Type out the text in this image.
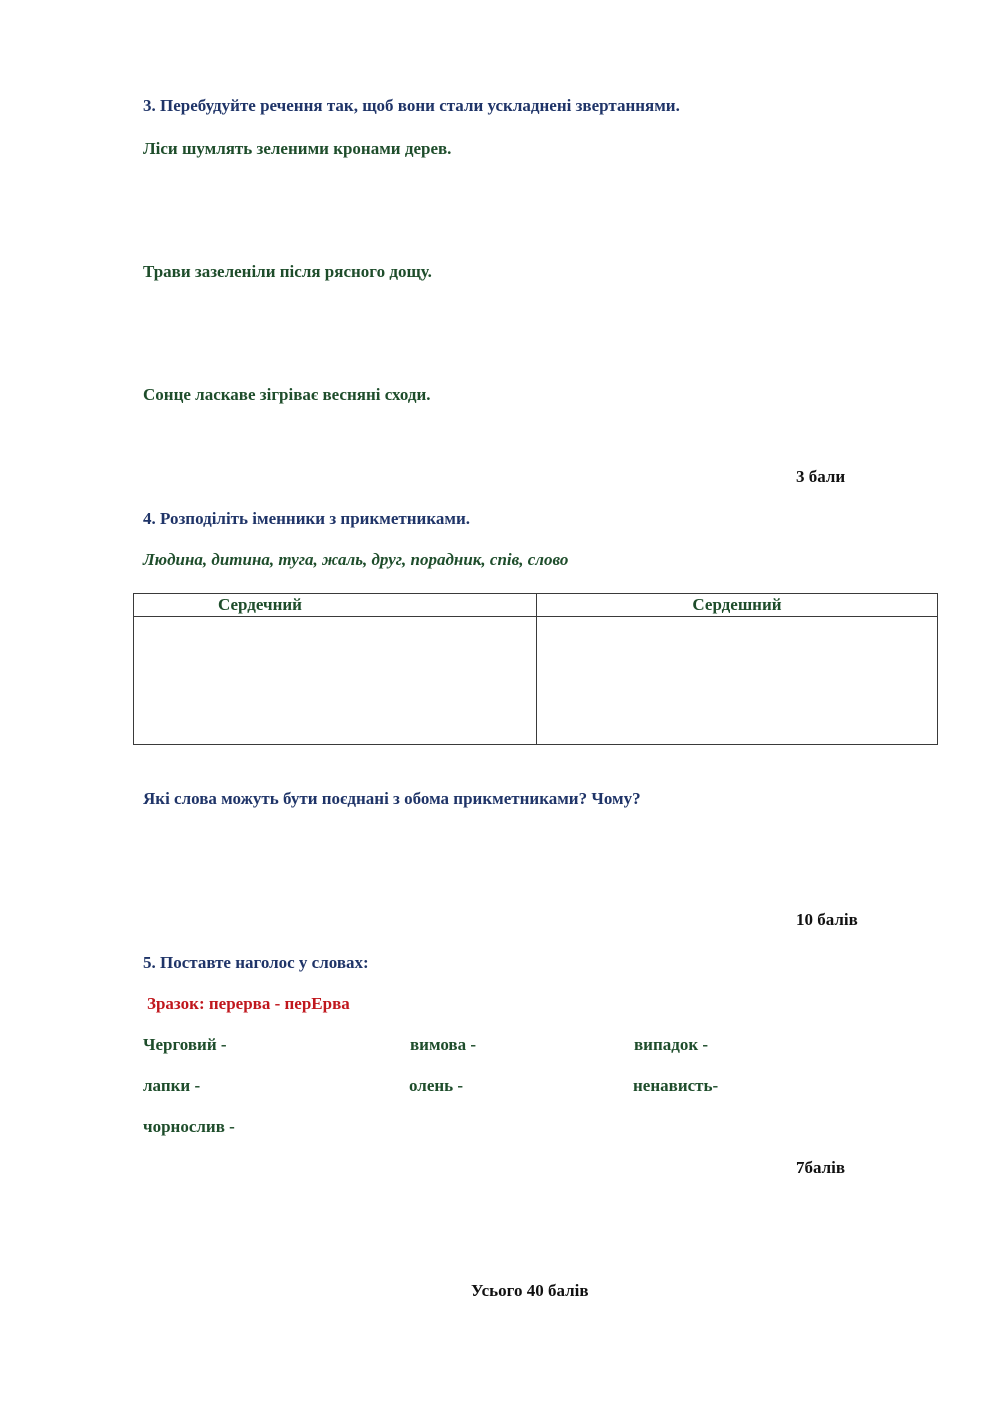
3. Перебудуйте речення так, щоб вони стали ускладнені звертаннями.
Ліси шумлять зеленими кронами дерев.
Трави зазеленіли після рясного дощу.
Сонце ласкаве зігріває весняні сходи.
3 бали
4. Розподіліть іменники з прикметниками.
Людина, дитина, туга, жаль, друг, порадник, спів, слово
Сердечний	Сердешний

Які слова можуть бути поєднані з обома прикметниками? Чому?
10 балів
5. Поставте наголос у словах:
Зразок: перерва - перЕрва
Черговий -	вимова -	випадок -
лапки -	олень -	ненависть-
чорнослив -
7балів
Усього 40 балів
